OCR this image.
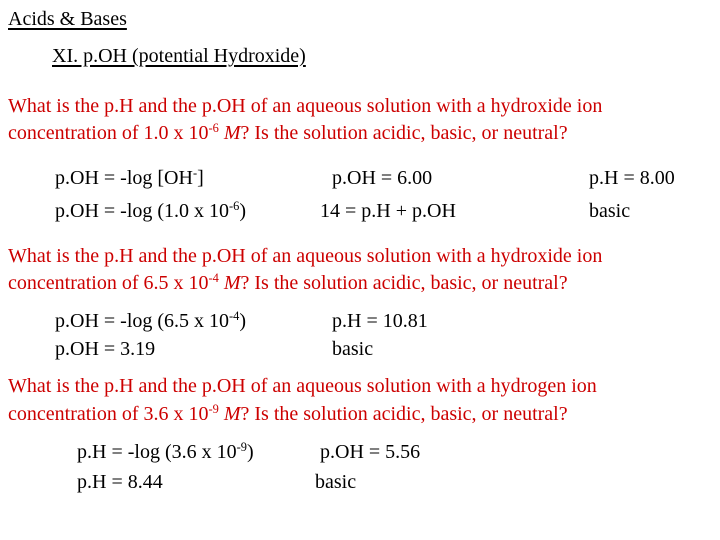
Acids & Bases
XI. p.OH (potential Hydroxide)
What is the p.H and the p.OH of an aqueous solution with a hydroxide ion
concentration of 1.0 x $10^{-6}$ M? Is the solution acidic, basic, or neutral?
p.OH = -log [OH-]	p.OH = 6.00	p.H = 8.00
p.OH = -log (1.0 x $10^{-6}$)	14 = p.H + p.OH	basic
What is the p.H and the p.OH of an aqueous solution with a hydroxide ion
concentration of 6.5 x $10^{-4}$ M? Is the solution acidic, basic, or neutral?
p.OH = -log (6.5 x $10^{-4}$)	p.H = 10.81
p.OH = 3.19	basic
What is the p.H and the p.OH of an aqueous solution with a hydrogen ion
concentration of 3.6 x $10^{-9}$ M? Is the solution acidic, basic, or neutral?
p.H = -log (3.6 x $10^{-9}$)	p.OH = 5.56
p.H = 8.44	basic
